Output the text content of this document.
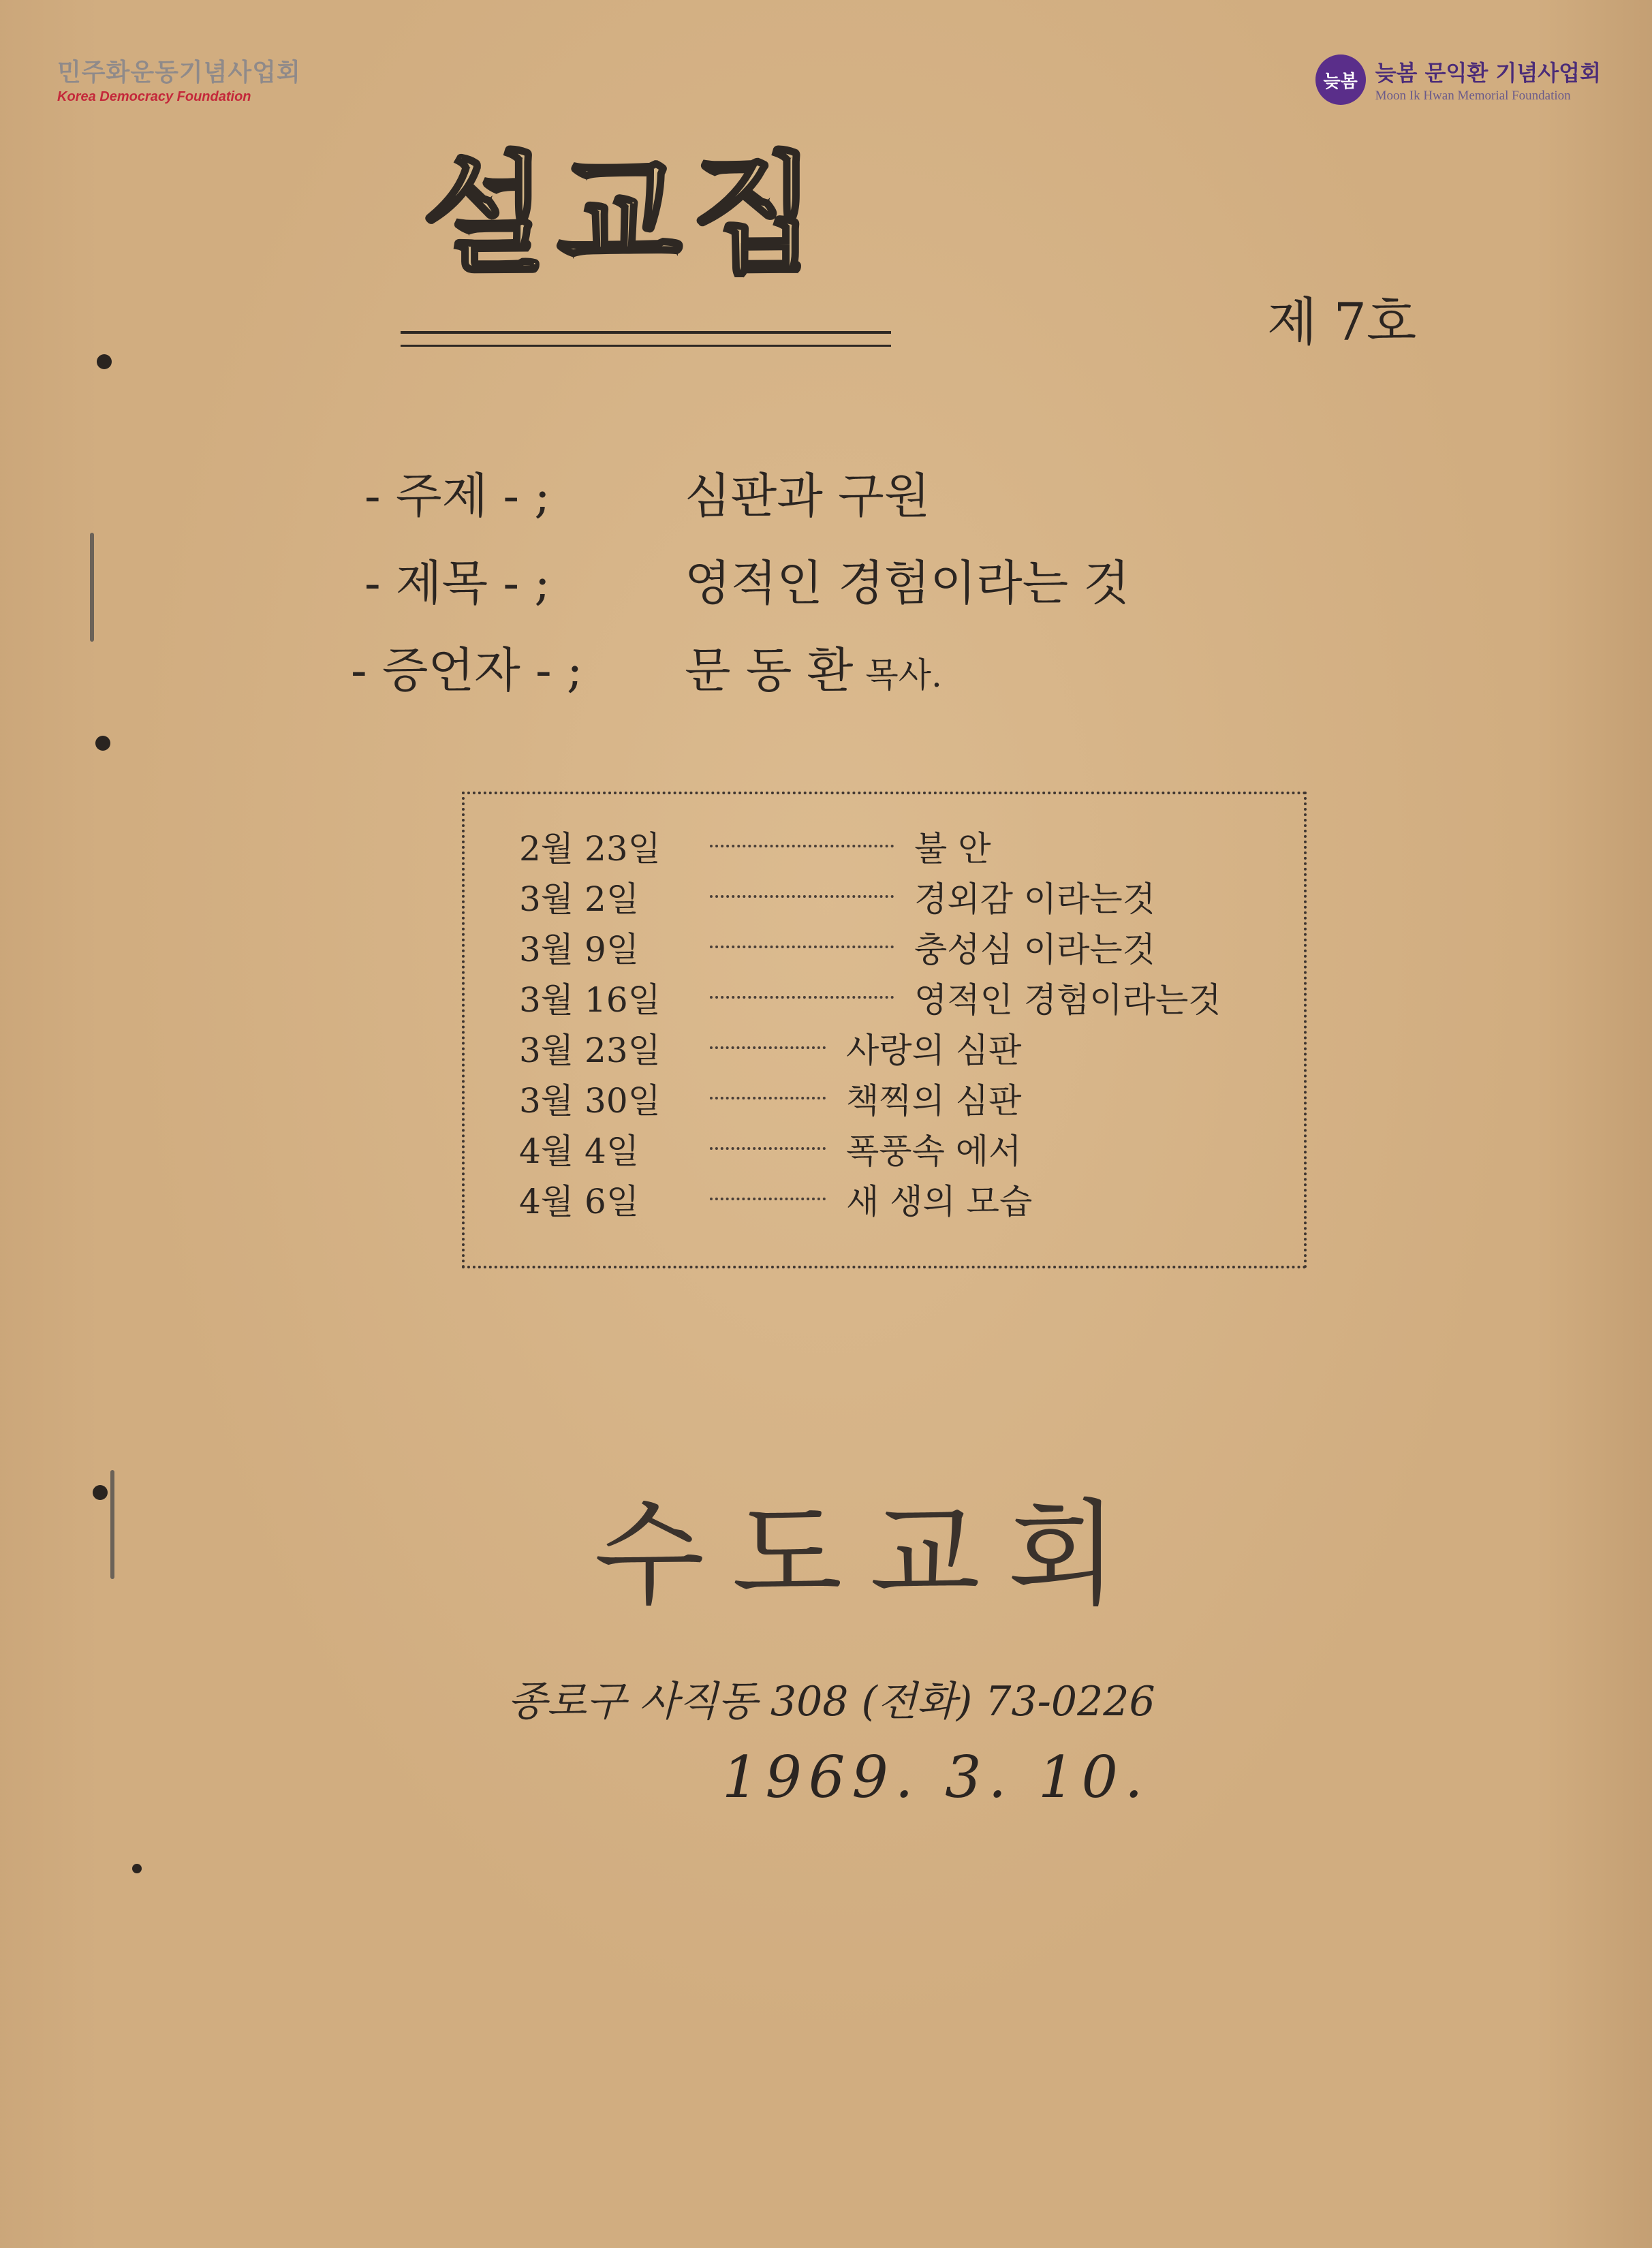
민주화운동기념사업회
Korea Democracy Foundation
늦봄 늦봄 문익환 기념사업회
Moon Ik Hwan Memorial Foundation
설교집
제 7호
- 주제 - ;	심판과 구원
- 제목 - ;	영적인 경험이라는 것
- 증언자 - ; 문 동 환 목사.
2월 23일	불 안
3월 2일	경외감 이라는것
3월 9일	충성심 이라는것
3월 16일	영적인 경험이라는것
3월 23일	사랑의 심판
3월 30일	책찍의 심판
4월 4일	폭풍속 에서
4월 6일	새 생의 모습
수도교회
종로구 사직동 308 (전화) 73-0226
1969. 3. 10.
